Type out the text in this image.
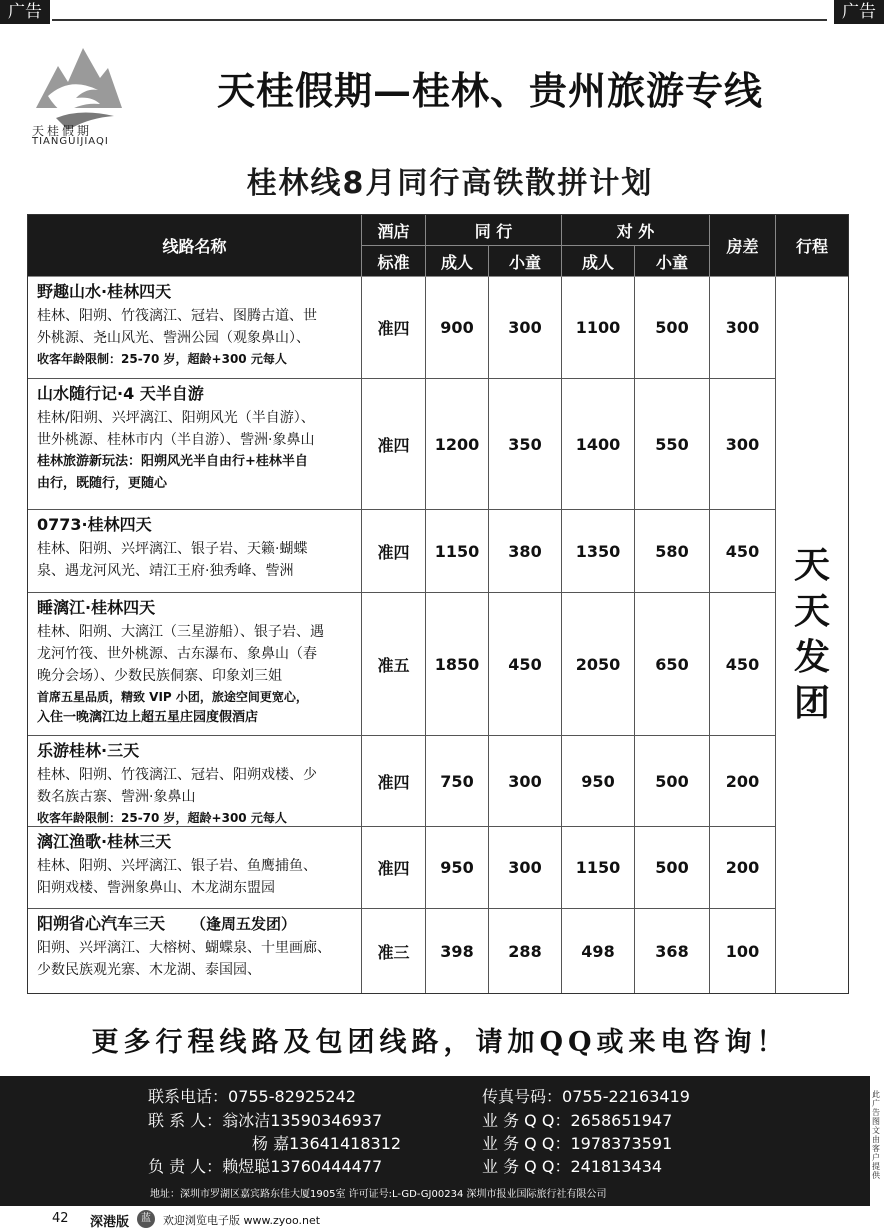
广告	广告
天桂假期
TIANGUIJIAQI
天桂假期—桂林、贵州旅游专线
桂林线8月同行高铁散拼计划
线路名称
酒店
标准
同 行	对 外
成人	小童	成人	小童
房差	行程
野趣山水·桂林四天
桂林、阳朔、竹筏漓江、冠岩、图腾古道、世
外桃源、尧山风光、訾洲公园（观象鼻山）、
收客年龄限制：25-70 岁，超龄+300 元每人
准四	900	300	1100	500	300
山水随行记·4 天半自游
桂林/阳朔、兴坪漓江、阳朔风光（半自游）、
世外桃源、桂林市内（半自游）、訾洲·象鼻山
桂林旅游新玩法：阳朔风光半自由行+桂林半自
由行，既随行，更随心
准四	1200	350	1400	550	300
0773·桂林四天
桂林、阳朔、兴坪漓江、银子岩、天籁·蝴蝶
泉、遇龙河风光、靖江王府·独秀峰、訾洲
准四	1150	380	1350	580	450
睡漓江·桂林四天
桂林、阳朔、大漓江（三星游船）、银子岩、遇
龙河竹筏、世外桃源、古东瀑布、象鼻山（春
晚分会场）、少数民族侗寨、印象刘三姐
首席五星品质，精致 VIP 小团，旅途空间更宽心，
入住一晚漓江边上超五星庄园度假酒店
准五	1850	450	2050	650	450
乐游桂林·三天
桂林、阳朔、竹筏漓江、冠岩、阳朔戏楼、少
数名族古寨、訾洲·象鼻山
收客年龄限制：25-70 岁，超龄+300 元每人
准四	750	300	950	500	200
漓江渔歌·桂林三天
桂林、阳朔、兴坪漓江、银子岩、鱼鹰捕鱼、
阳朔戏楼、訾洲象鼻山、木龙湖东盟园
准四	950	300	1150	500	200
阳朔省心汽车三天 （逢周五发团）
阳朔、兴坪漓江、大榕树、蝴蝶泉、十里画廊、
少数民族观光寨、木龙湖、泰国园、
准三	398	288	498	368	100
天天发团
更多行程线路及包团线路，请加QQ或来电咨询！
联系电话：0755-82925242	传真号码：0755-22163419
联 系 人：翁冰洁13590346937	业 务 Q Q：2658651947
杨 嘉13641418312	业 务 Q Q：1978373591
负 责 人：赖煜聪13760444477	业 务 Q Q：241813434
地址：深圳市罗湖区嘉宾路东佳大厦1905室 许可证号:L-GD-GJ00234 深圳市报业国际旅行社有限公司
此广告图文由客户提供
42 深港版	蓝	欢迎浏览电子版 www.zyoo.net
